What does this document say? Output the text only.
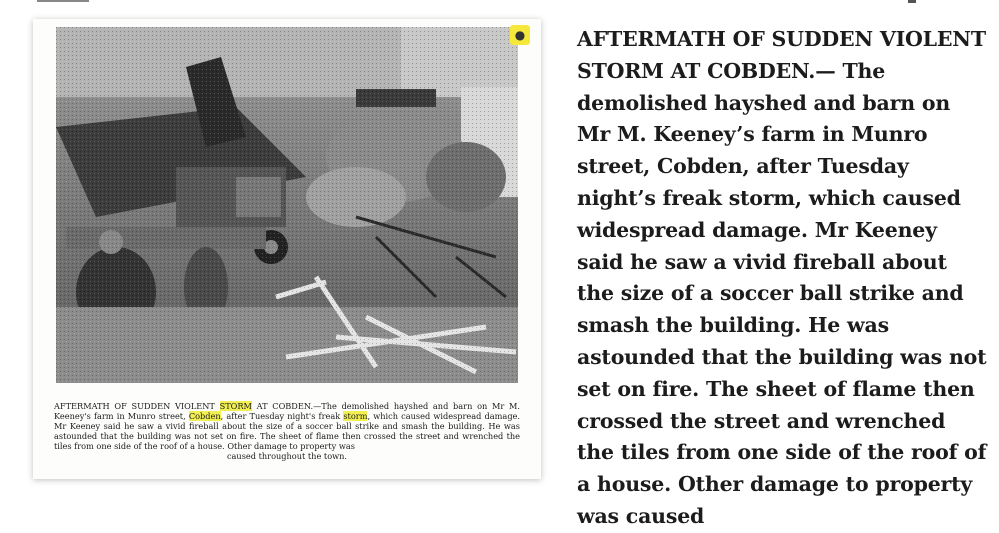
●
AFTERMATH OF SUDDEN VIOLENT STORM AT COBDEN.—The demolished hayshed and barn on Mr M. Keeney's farm in Munro street, Cobden, after Tuesday night's freak storm, which caused widespread damage. Mr Keeney said he saw a vivid fireball about the size of a soccer ball strike and smash the building. He was astounded that the building was not set on fire. The sheet of flame then crossed the street and wrenched the tiles from one side of the roof of a house. Other damage to property was
caused throughout the town.
AFTERMATH OF SUDDEN VIOLENT STORM AT COBDEN.— The demolished hayshed and barn on Mr M. Keeney’s farm in Munro street, Cobden, after Tuesday night’s freak storm, which caused widespread damage. Mr Keeney said he saw a vivid fireball about the size of a soccer ball strike and smash the building. He was astounded that the building was not set on fire. The sheet of flame then crossed the street and wrenched the tiles from one side of the roof of a house. Other damage to property was caused
